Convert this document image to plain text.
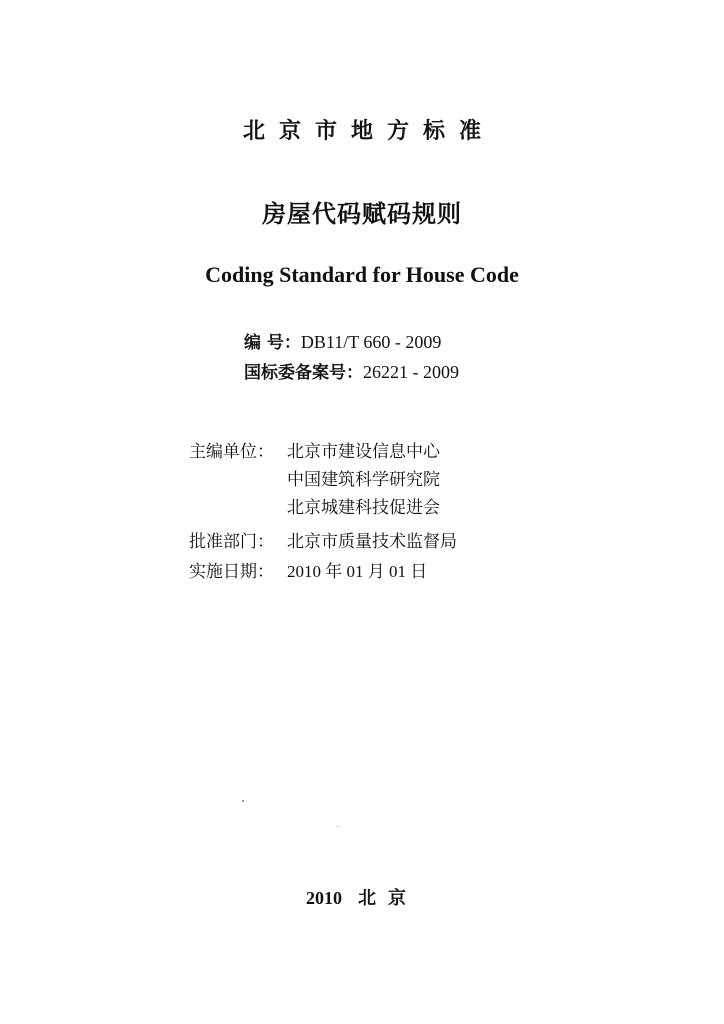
北京市地方标准
房屋代码赋码规则
Coding Standard for House Code
编 号：DB11/T 660 - 2009
国标委备案号：26221 - 2009
主编单位： 北京市建设信息中心
中国建筑科学研究院
北京城建科技促进会
批准部门： 北京市质量技术监督局
实施日期： 2010 年 01 月 01 日
2010 北京
